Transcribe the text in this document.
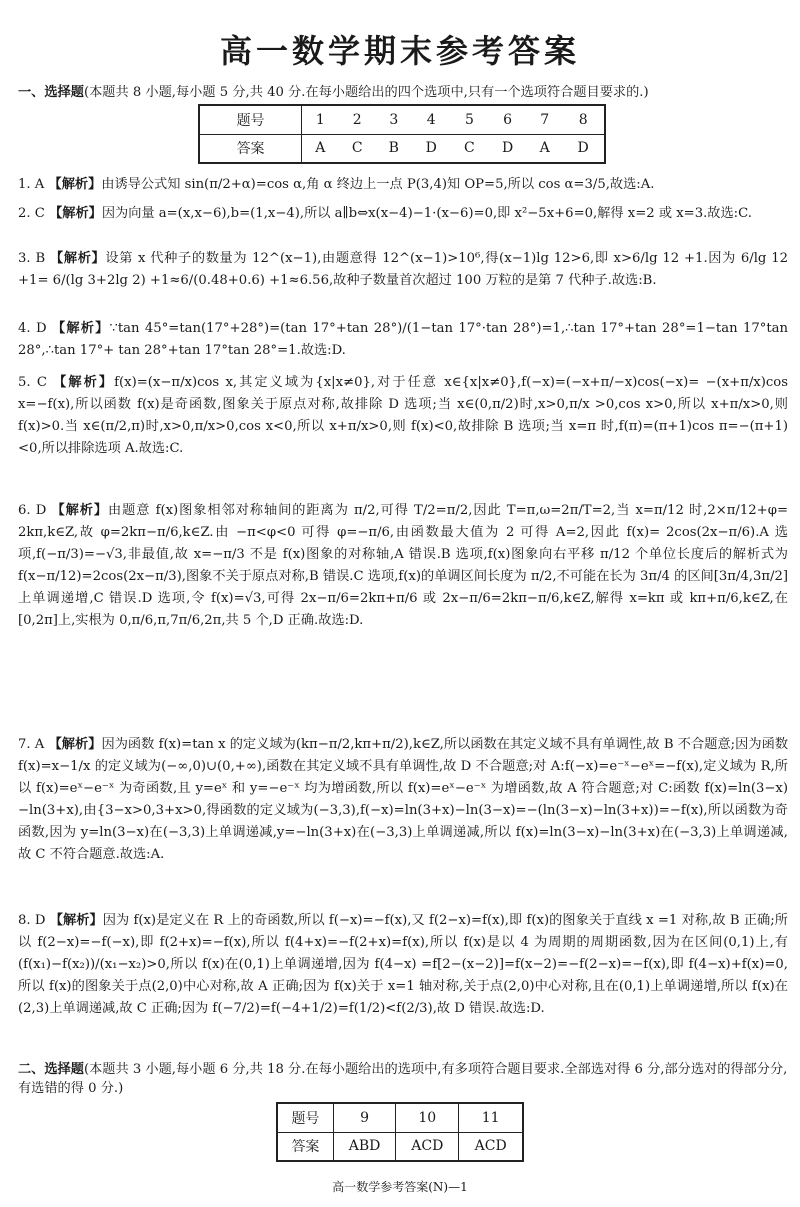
高一数学期末参考答案
一、选择题(本题共 8 小题,每小题 5 分,共 40 分.在每小题给出的四个选项中,只有一个选项符合题目要求的.)
题号	1	2	3	4	5	6	7	8
答案	A	C	B	D	C	D	A	D
1. A 【解析】由诱导公式知 sin(π/2+α)=cos α,角 α 终边上一点 P(3,4)知 OP=5,所以 cos α=3/5,故选:A.
2. C 【解析】因为向量 a=(x,x−6),b=(1,x−4),所以 a∥b⇔x(x−4)−1·(x−6)=0,即 x²−5x+6=0,解得 x=2 或 x=3.故选:C.
3. B 【解析】设第 x 代种子的数量为 12^(x−1),由题意得 12^(x−1)>10⁶,得(x−1)lg 12>6,即 x>6/lg 12 +1.因为 6/lg 12 +1= 6/(lg 3+2lg 2) +1≈6/(0.48+0.6) +1≈6.56,故种子数量首次超过 100 万粒的是第 7 代种子.故选:B.
4. D 【解析】∵tan 45°=tan(17°+28°)=(tan 17°+tan 28°)/(1−tan 17°·tan 28°)=1,∴tan 17°+tan 28°=1−tan 17°tan 28°,∴tan 17°+ tan 28°+tan 17°tan 28°=1.故选:D.
5. C 【解析】f(x)=(x−π/x)cos x,其定义域为{x|x≠0},对于任意 x∈{x|x≠0},f(−x)=(−x+π/−x)cos(−x)= −(x+π/x)cos x=−f(x),所以函数 f(x)是奇函数,图象关于原点对称,故排除 D 选项;当 x∈(0,π/2)时,x>0,π/x >0,cos x>0,所以 x+π/x>0,则 f(x)>0.当 x∈(π/2,π)时,x>0,π/x>0,cos x<0,所以 x+π/x>0,则 f(x)<0,故排除 B 选项;当 x=π 时,f(π)=(π+1)cos π=−(π+1)<0,所以排除选项 A.故选:C.
6. D 【解析】由题意 f(x)图象相邻对称轴间的距离为 π/2,可得 T/2=π/2,因此 T=π,ω=2π/T=2,当 x=π/12 时,2×π/12+φ= 2kπ,k∈Z,故 φ=2kπ−π/6,k∈Z.由 −π<φ<0 可得 φ=−π/6,由函数最大值为 2 可得 A=2,因此 f(x)= 2cos(2x−π/6).A 选项,f(−π/3)=−√3,非最值,故 x=−π/3 不是 f(x)图象的对称轴,A 错误.B 选项,f(x)图象向右平移 π/12 个单位长度后的解析式为 f(x−π/12)=2cos(2x−π/3),图象不关于原点对称,B 错误.C 选项,f(x)的单调区间长度为 π/2,不可能在长为 3π/4 的区间[3π/4,3π/2]上单调递增,C 错误.D 选项,令 f(x)=√3,可得 2x−π/6=2kπ+π/6 或 2x−π/6=2kπ−π/6,k∈Z,解得 x=kπ 或 kπ+π/6,k∈Z,在[0,2π]上,实根为 0,π/6,π,7π/6,2π,共 5 个,D 正确.故选:D.
7. A 【解析】因为函数 f(x)=tan x 的定义域为(kπ−π/2,kπ+π/2),k∈Z,所以函数在其定义域不具有单调性,故 B 不合题意;因为函数 f(x)=x−1/x 的定义域为(−∞,0)∪(0,+∞),函数在其定义域不具有单调性,故 D 不合题意;对 A:f(−x)=e⁻ˣ−eˣ=−f(x),定义域为 R,所以 f(x)=eˣ−e⁻ˣ 为奇函数,且 y=eˣ 和 y=−e⁻ˣ 均为增函数,所以 f(x)=eˣ−e⁻ˣ 为增函数,故 A 符合题意;对 C:函数 f(x)=ln(3−x)−ln(3+x),由{3−x>0,3+x>0,得函数的定义域为(−3,3),f(−x)=ln(3+x)−ln(3−x)=−(ln(3−x)−ln(3+x))=−f(x),所以函数为奇函数,因为 y=ln(3−x)在(−3,3)上单调递减,y=−ln(3+x)在(−3,3)上单调递减,所以 f(x)=ln(3−x)−ln(3+x)在(−3,3)上单调递减,故 C 不符合题意.故选:A.
8. D 【解析】因为 f(x)是定义在 R 上的奇函数,所以 f(−x)=−f(x),又 f(2−x)=f(x),即 f(x)的图象关于直线 x =1 对称,故 B 正确;所以 f(2−x)=−f(−x),即 f(2+x)=−f(x),所以 f(4+x)=−f(2+x)=f(x),所以 f(x)是以 4 为周期的周期函数,因为在区间(0,1)上,有 (f(x₁)−f(x₂))/(x₁−x₂)>0,所以 f(x)在(0,1)上单调递增,因为 f(4−x) =f[2−(x−2)]=f(x−2)=−f(2−x)=−f(x),即 f(4−x)+f(x)=0,所以 f(x)的图象关于点(2,0)中心对称,故 A 正确;因为 f(x)关于 x=1 轴对称,关于点(2,0)中心对称,且在(0,1)上单调递增,所以 f(x)在(2,3)上单调递减,故 C 正确;因为 f(−7/2)=f(−4+1/2)=f(1/2)<f(2/3),故 D 错误.故选:D.
二、选择题(本题共 3 小题,每小题 6 分,共 18 分.在每小题给出的选项中,有多项符合题目要求.全部选对得 6 分,部分选对的得部分分,有选错的得 0 分.)
题号	9	10	11
答案	ABD	ACD	ACD
高一数学参考答案(N)—1
